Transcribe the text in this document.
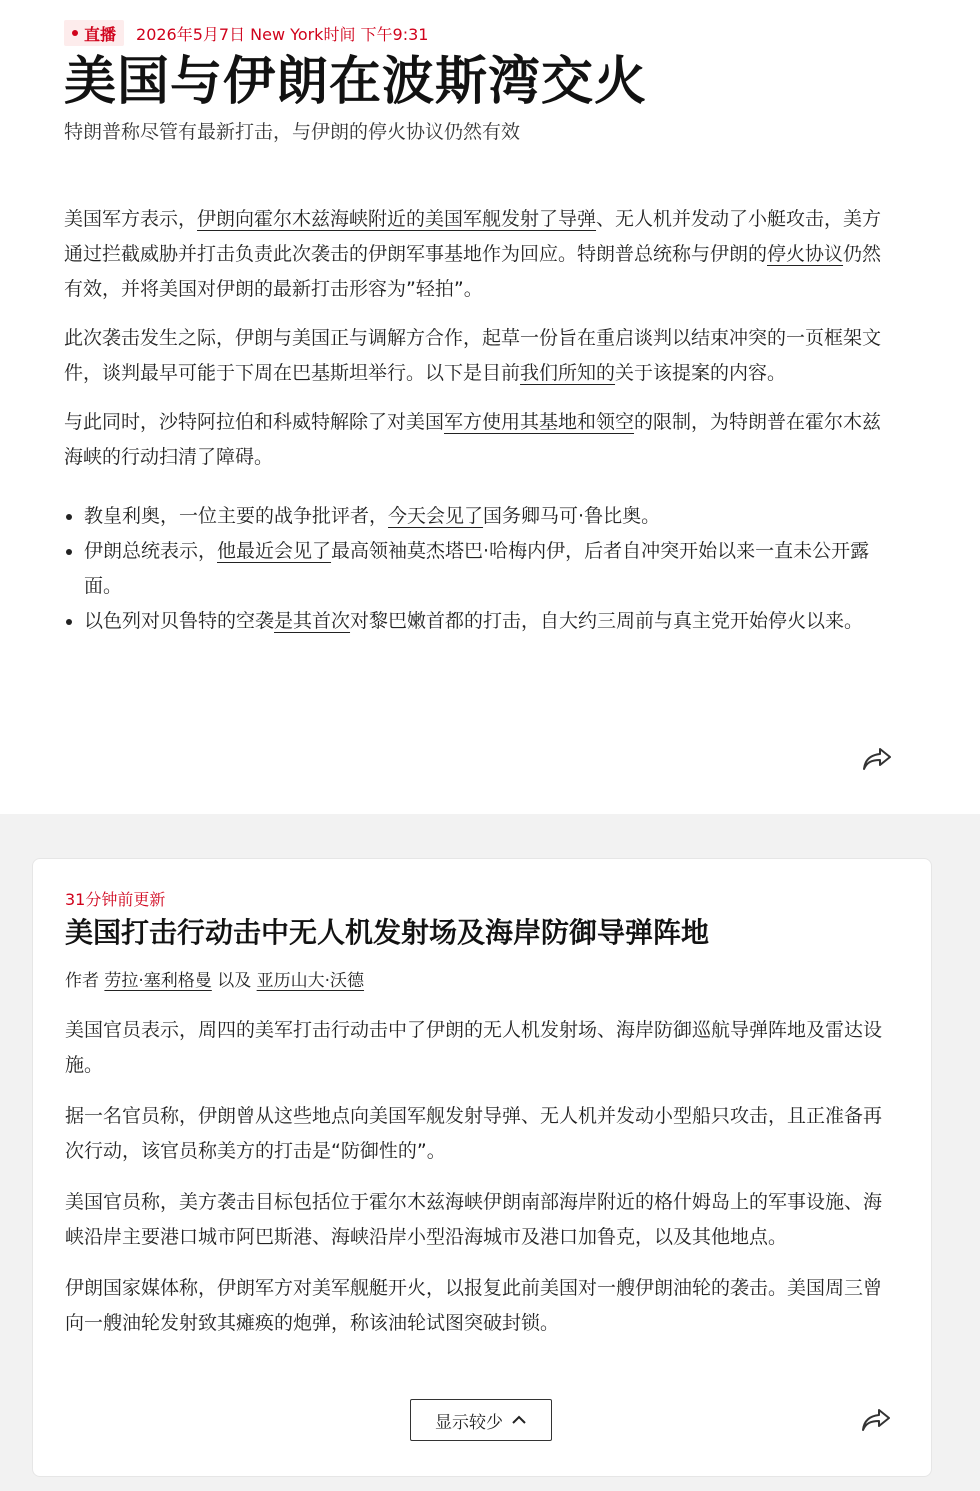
直播 2026年5月7日 New York时间 下午9:31
美国与伊朗在波斯湾交火

特朗普称尽管有最新打击，与伊朗的停火协议仍然有效

美国军方表示，伊朗向霍尔木兹海峡附近的美国军舰发射了导弹、无人机并发动了小艇攻击，美方通过拦截威胁并打击负责此次袭击的伊朗军事基地作为回应。特朗普总统称与伊朗的停火协议仍然有效，并将美国对伊朗的最新打击形容为”轻拍”。

此次袭击发生之际，伊朗与美国正与调解方合作，起草一份旨在重启谈判以结束冲突的一页框架文件，谈判最早可能于下周在巴基斯坦举行。以下是目前我们所知的关于该提案的内容。

与此同时，沙特阿拉伯和科威特解除了对美国军方使用其基地和领空的限制，为特朗普在霍尔木兹海峡的行动扫清了障碍。

• 教皇利奥，一位主要的战争批评者，今天会见了国务卿马可·鲁比奥。
• 伊朗总统表示，他最近会见了最高领袖莫杰塔巴·哈梅内伊，后者自冲突开始以来一直未公开露面。
• 以色列对贝鲁特的空袭是其首次对黎巴嫩首都的打击，自大约三周前与真主党开始停火以来。
31分钟前更新
美国打击行动击中无人机发射场及海岸防御导弹阵地
作者 劳拉·塞利格曼 以及 亚历山大·沃德

美国官员表示，周四的美军打击行动击中了伊朗的无人机发射场、海岸防御巡航导弹阵地及雷达设施。

据一名官员称，伊朗曾从这些地点向美国军舰发射导弹、无人机并发动小型船只攻击，且正准备再次行动，该官员称美方的打击是“防御性的”。

美国官员称，美方袭击目标包括位于霍尔木兹海峡伊朗南部海岸附近的格什姆岛上的军事设施、海峡沿岸主要港口城市阿巴斯港、海峡沿岸小型沿海城市及港口加鲁克，以及其他地点。

伊朗国家媒体称，伊朗军方对美军舰艇开火，以报复此前美国对一艘伊朗油轮的袭击。美国周三曾向一艘油轮发射致其瘫痪的炮弹，称该油轮试图突破封锁。

显示较少
